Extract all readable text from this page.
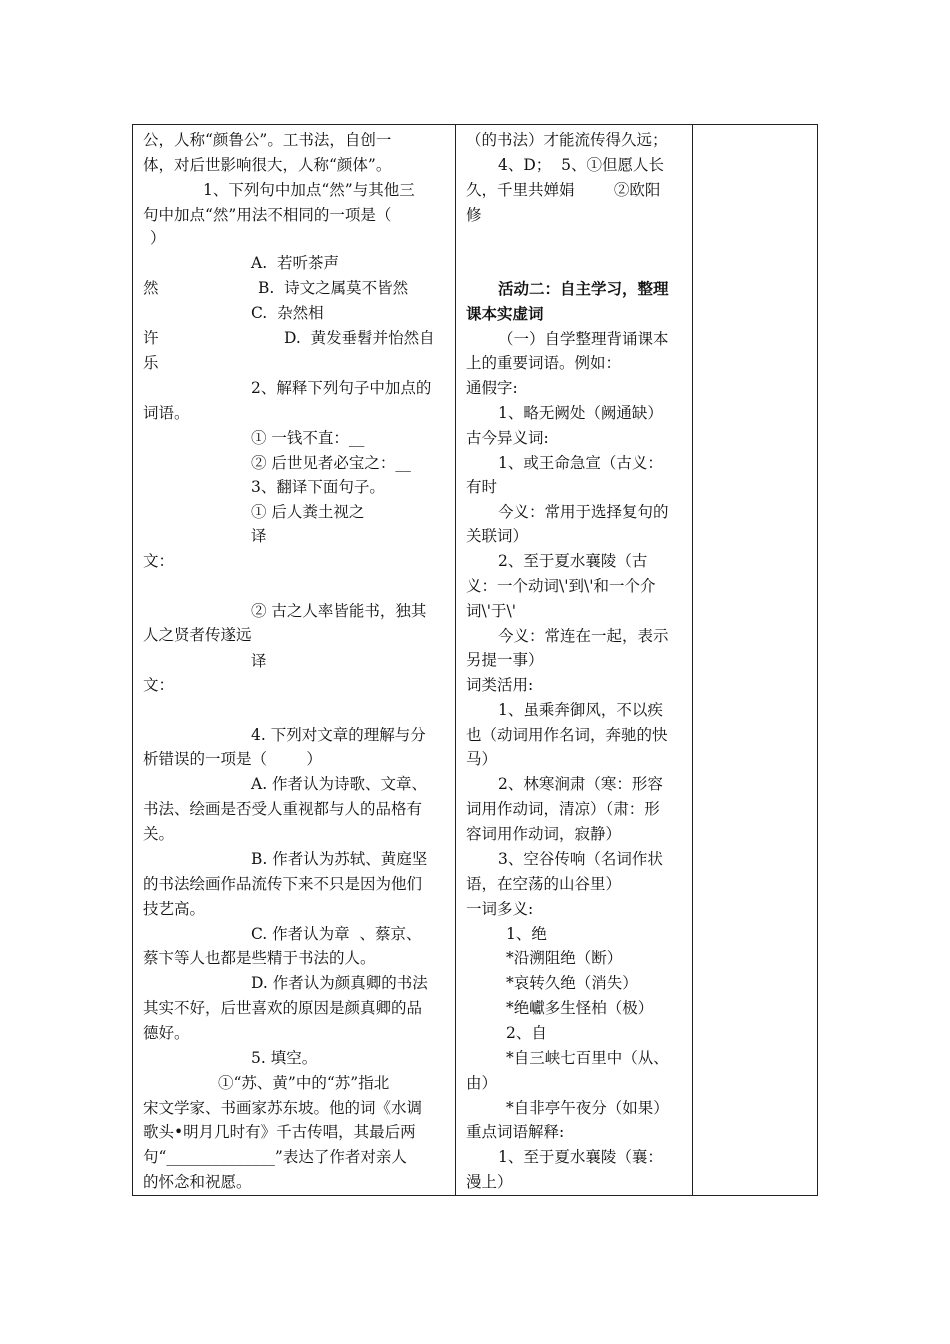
公，人称“颜鲁公”。工书法，自创一
体，对后世影响很大，人称“颜体”。
1、下列句中加点“然”与其他三
句中加点“然”用法不相同的一项是（
）
A.  若听茶声
然	B.  诗文之属莫不皆然
C.  杂然相
许	D.  黄发垂髫并怡然自
乐
2、解释下列句子中加点的
词语。
① 一钱不直：__
② 后世见者必宝之：__
3、翻译下面句子。
① 后人粪土视之
译
文：
② 古之人率皆能书，独其
人之贤者传遂远
译
文：
4. 下列对文章的理解与分
析错误的一项是（        ）
A. 作者认为诗歌、文章、
书法、绘画是否受人重视都与人的品格有
关。
B. 作者认为苏轼、黄庭坚
的书法绘画作品流传下来不只是因为他们
技艺高。
C. 作者认为章  、蔡京、
蔡卞等人也都是些精于书法的人。
D. 作者认为颜真卿的书法
其实不好，后世喜欢的原因是颜真卿的品
德好。
5. 填空。
①“苏、黄”中的“苏”指北
宋文学家、书画家苏东坡。他的词《水调
歌头•明月几时有》千古传唱，其最后两
句“______________”表达了作者对亲人
的怀念和祝愿。
（的书法）才能流传得久远；
4、D；  5、①但愿人长
久，千里共婵娟        ②欧阳
修
活动二：自主学习，整理
课本实虚词
（一）自学整理背诵课本
上的重要词语。例如：
通假字:
1、略无阙处（阙通缺）
古今异义词:
1、或王命急宣（古义：
有时
今义：常用于选择复句的
关联词）
2、至于夏水襄陵（古
义：一个动词\'到\'和一个介
词\'于\'
今义：常连在一起，表示
另提一事）
词类活用:
1、虽乘奔御风，不以疾
也（动词用作名词，奔驰的快
马）
2、林寒涧肃（寒：形容
词用作动词，清凉）（肃：形
容词用作动词，寂静）
3、空谷传响（名词作状
语，在空荡的山谷里）
一词多义:
1、绝
*沿溯阻绝（断）
*哀转久绝（消失）
*绝巘多生怪柏（极）
2、自
*自三峡七百里中（从、
由）
*自非亭午夜分（如果）
重点词语解释:
1、至于夏水襄陵（襄：
漫上）
